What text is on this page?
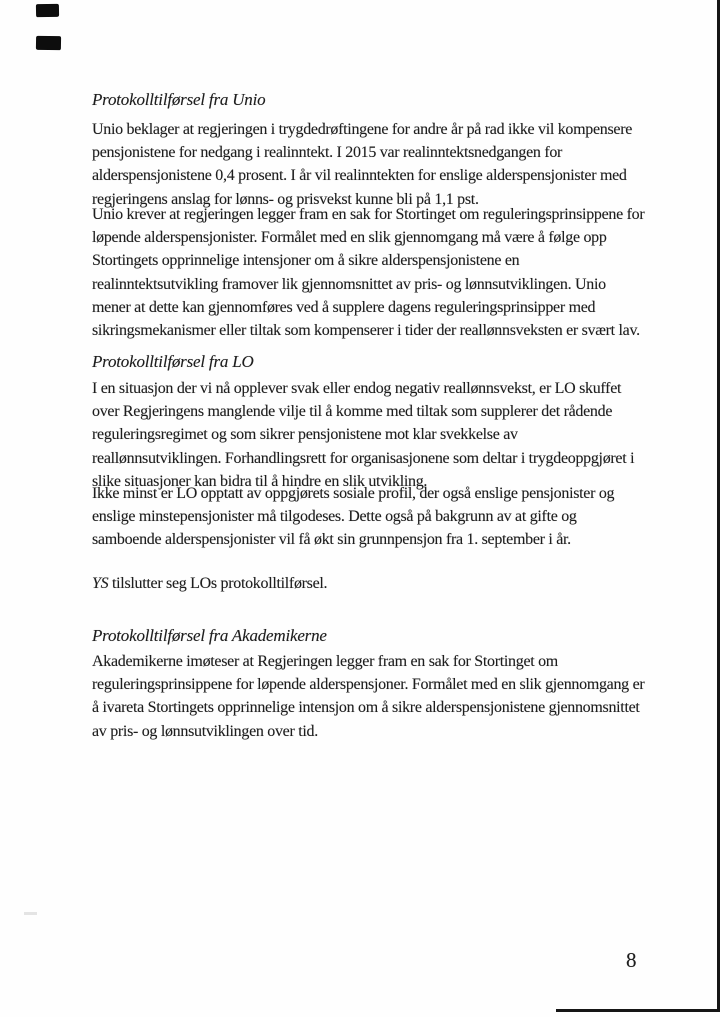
Protokolltilførsel fra Unio
Unio beklager at regjeringen i trygdedrøftingene for andre år på rad ikke vil kompensere
pensjonistene for nedgang i realinntekt. I 2015 var realinntektsnedgangen for
alderspensjonistene 0,4 prosent. I år vil realinntekten for enslige alderspensjonister med
regjeringens anslag for lønns- og prisvekst kunne bli på 1,1 pst.
Unio krever at regjeringen legger fram en sak for Stortinget om reguleringsprinsippene for
løpende alderspensjonister. Formålet med en slik gjennomgang må være å følge opp
Stortingets opprinnelige intensjoner om å sikre alderspensjonistene en
realinntektsutvikling framover lik gjennomsnittet av pris- og lønnsutviklingen. Unio
mener at dette kan gjennomføres ved å supplere dagens reguleringsprinsipper med
sikringsmekanismer eller tiltak som kompenserer i tider der reallønnsveksten er svært lav.
Protokolltilførsel fra LO
I en situasjon der vi nå opplever svak eller endog negativ reallønnsvekst, er LO skuffet
over Regjeringens manglende vilje til å komme med tiltak som supplerer det rådende
reguleringsregimet og som sikrer pensjonistene mot klar svekkelse av
reallønnsutviklingen. Forhandlingsrett for organisasjonene som deltar i trygdeoppgjøret i
slike situasjoner kan bidra til å hindre en slik utvikling.
Ikke minst er LO opptatt av oppgjørets sosiale profil, der også enslige pensjonister og
enslige minstepensjonister må tilgodeses. Dette også på bakgrunn av at gifte og
samboende alderspensjonister vil få økt sin grunnpensjon fra 1. september i år.
YS tilslutter seg LOs protokolltilførsel.
Protokolltilførsel fra Akademikerne
Akademikerne imøteser at Regjeringen legger fram en sak for Stortinget om
reguleringsprinsippene for løpende alderspensjoner. Formålet med en slik gjennomgang er
å ivareta Stortingets opprinnelige intensjon om å sikre alderspensjonistene gjennomsnittet
av pris- og lønnsutviklingen over tid.
8
